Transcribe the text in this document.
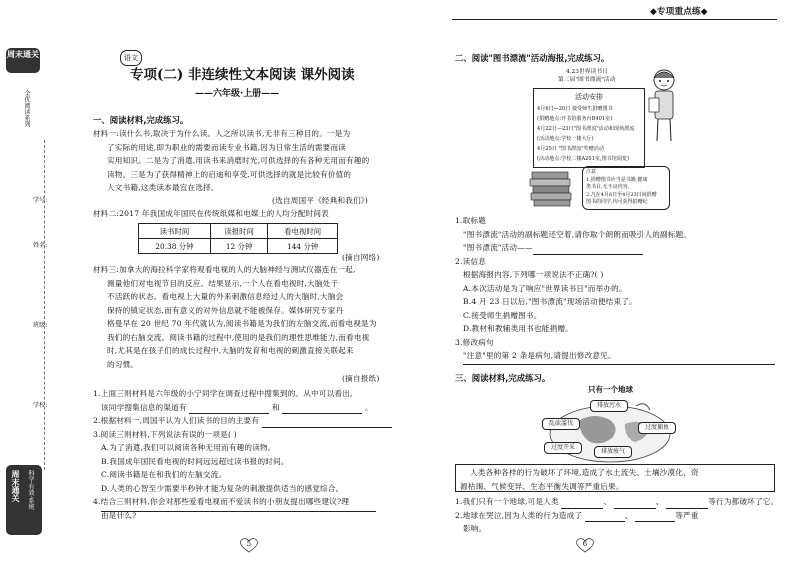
◆专项重点练◆
周末通关
全优阅读系列
学号:
姓名:
班级:
学校:
周末通关 科学·有效·系统
语文
专项(二) 非连续性文本阅读 课外阅读
——六年级·上册——
一、阅读材料,完成练习。
材料一:读什么书,取决于为什么读。人之所以读书,无非有三种目的。一是为
了实际的用途,即为职业的需要而读专业书籍,因为日常生活的需要而读
实用知识。二是为了消遣,用读书来消磨时光,可供选择的有各种无用而有趣的
读物。三是为了获得精神上的启迪和享受,可供选择的就是比较有价值的
人文书籍,这类读本最宜在选择。
(选自周国平《经典和我们》)
材料二:2017 年我国成年国民在传统纸媒和电媒上的人均分配时间表
读书时间	读报时间	看电视时间
20.38 分钟	12 分钟	144 分钟
(摘自网络)
材料三:加拿大的海拉科学家将观看电视的人的大脑神经与测试仪器连在一起,
测量他们对电视节目的反应。结果显示,一个人在看电视时,大脑处于
不活跃的状态。看电视上大量的外来刺激信息经过人的大脑时,大脑会
保持的镇定状态,而有意义的对外信息就不能被保存。媒体研究专家丹
格曼早在 20 世纪 70 年代就认为,阅读书籍是为我们的左脑交流,而看电视是为
我们的右脑交流。阅读书籍的过程中,使用的是我们的理性思维能力,而看电视
时,尤其是在孩子们的成长过程中,大脑的发育和电视的刺激直接关联起来
的习惯。
(摘自报纸)
1.上面三则材料是六年级的小宁同学在调查过程中搜集到的。从中可以看出,
该同学搜集信息的渠道有	和	。
2.根据材料一,周国平认为人们读书的目的主要有
3.阅读三则材料,下列说法有误的一项是( )
A.为了消遣,我们可以阅读各种无用而有趣的读物。
B.我国成年国民看电视的时间远远超过读书报的时间。
C.阅读书籍是在和我们的左脑交流。
D.人类的心智至少需要半秒钟才能为复杂的刺激提供适当的感觉综合。
4.结合三则材料,你会对那些爱看电视而不爱读书的小朋友提出哪些建议?理
由是什么?
5	6
二、阅读"图书漂流"活动海报,完成练习。
4.23世界读书日
第二届"图书漂流"活动
活动安排
4月6日—20日 接受师生捐赠图书
(捐赠地点:开书馆服务台B401室)
4月22日—23日"图书漂流"活动和现场漂流
(活动地点:学校一楼大厅)
4月25日 "图书漂流"奖赠活动
(活动地点:学校二楼A201室,图书馆阅览)
注意
1.捐赠图书应当是书籍,健康
类书目,无不良内容。
2.凡在4月6日至4月23日间捐赠
图书的同学,均可获得捐赠纪
1.取标题
"图书漂流"活动的副标题还空着,请你取个朗朗而吸引人的副标题。
"图书漂流"活动——
2.读信息
根据海报内容,下列哪一项说法不正确?( )
A.本次活动是为了响应"世界读书日"而举办的。
B.4 月 23 日以后,"图书漂流"现场活动便结束了。
C.接受师生捐赠图书。
D.教材和教辅类用书也能捐赠。
3.修改病句
"注意"里的第 2 条是病句,请提出修改意见。
三、阅读材料,完成练习。
只有一个地球
排放污水
乱砍滥伐
过度捕鱼
过度开采
排放废气
人类各种各样的行为破坏了环境,造成了水土流失、土壤沙漠化、资
源枯竭、气候变异、生态平衡失调等严重后果。
1.我们只有一个地球,可是人类	、	、	等行为都破坏了它。
2.地球在哭泣,因为人类的行为造成了	、	等严重
影响。
